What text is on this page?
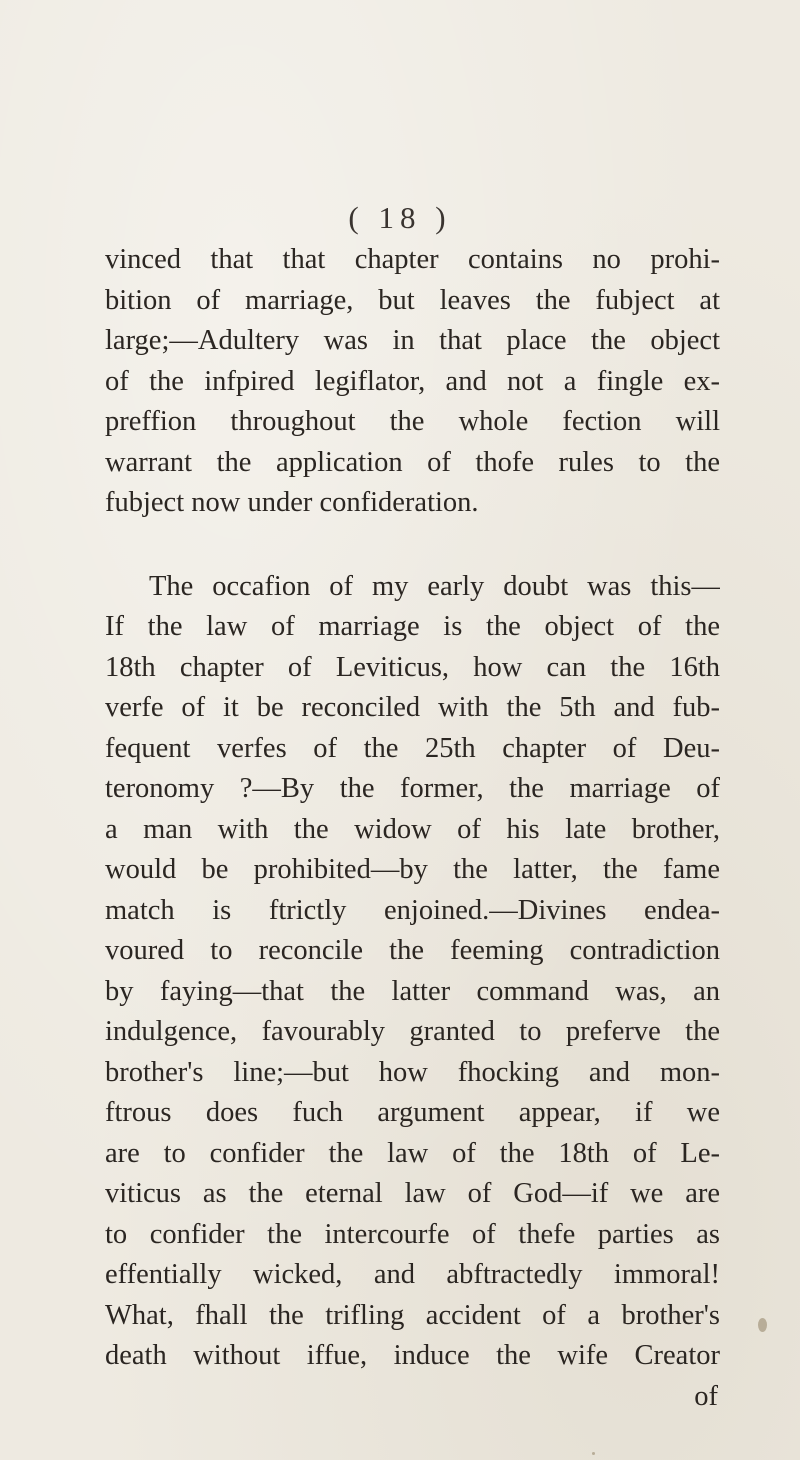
( 18 )
vinced that that chapter contains no prohi-
bition of marriage, but leaves the fubject at
large;—Adultery was in that place the object
of the infpired legiflator, and not a fingle ex-
preffion throughout the whole fection will
warrant the application of thofe rules to the
fubject now under confideration.
The occafion of my early doubt was this—
If the law of marriage is the object of the
18th chapter of Leviticus, how can the 16th
verfe of it be reconciled with the 5th and fub-
fequent verfes of the 25th chapter of Deu-
teronomy ?—By the former, the marriage of
a man with the widow of his late brother,
would be prohibited—by the latter, the fame
match is ftrictly enjoined.—Divines endea-
voured to reconcile the feeming contradiction
by faying—that the latter command was, an
indulgence, favourably granted to preferve the
brother's line;—but how fhocking and mon-
ftrous does fuch argument appear, if we
are to confider the law of the 18th of Le-
viticus as the eternal law of God—if we are
to confider the intercourfe of thefe parties as
effentially wicked, and abftractedly immoral!
What, fhall the trifling accident of a brother's
death without iffue, induce the wife Creator
of
